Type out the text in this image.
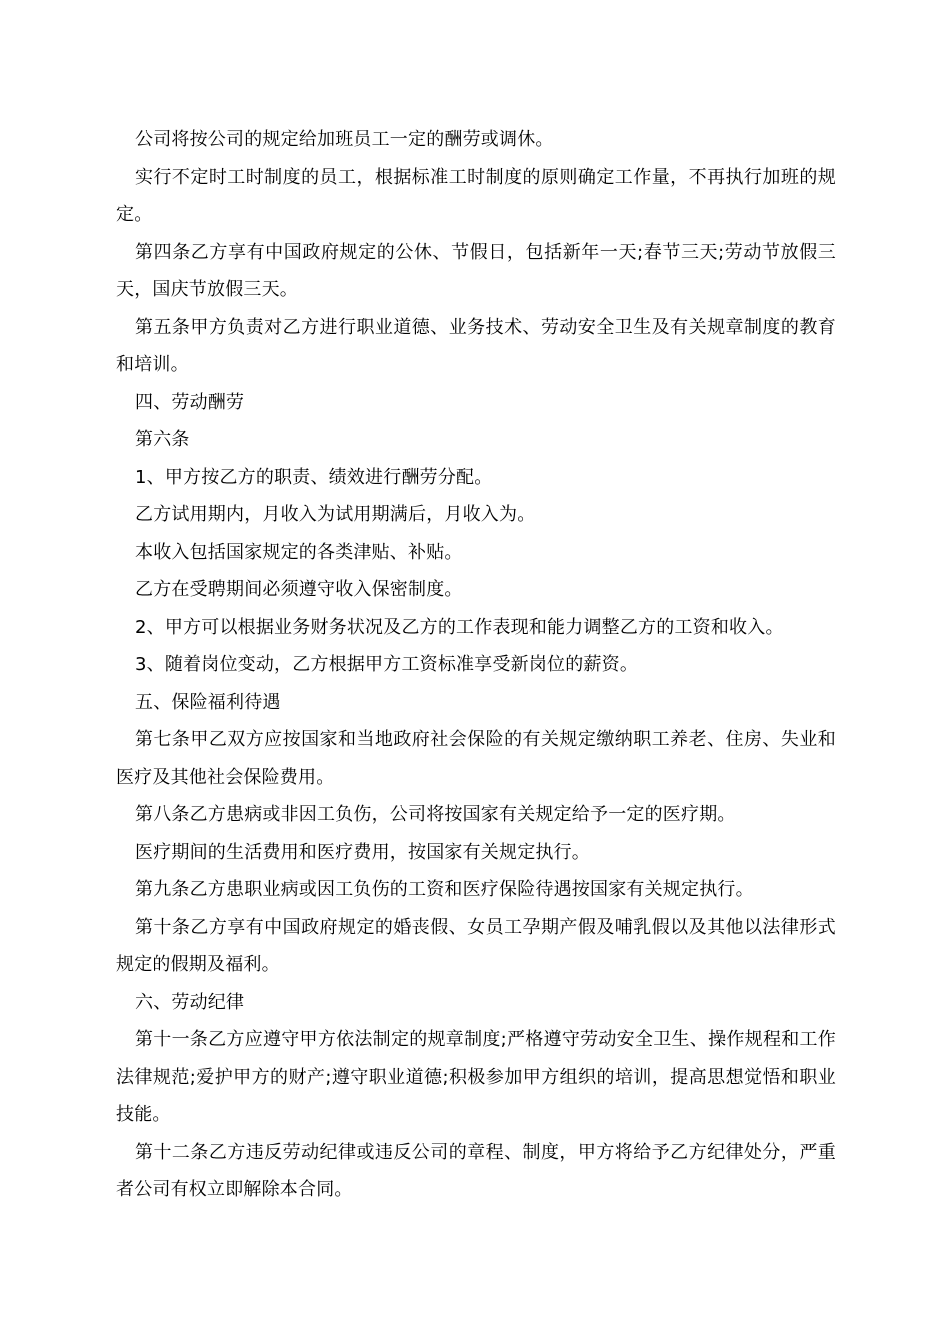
公司将按公司的规定给加班员工一定的酬劳或调休。

实行不定时工时制度的员工，根据标准工时制度的原则确定工作量，不再执行加班的规定。

第四条乙方享有中国政府规定的公休、节假日，包括新年一天;春节三天;劳动节放假三天，国庆节放假三天。

第五条甲方负责对乙方进行职业道德、业务技术、劳动安全卫生及有关规章制度的教育和培训。

四、劳动酬劳

第六条

1、甲方按乙方的职责、绩效进行酬劳分配。

乙方试用期内，月收入为试用期满后，月收入为。

本收入包括国家规定的各类津贴、补贴。

乙方在受聘期间必须遵守收入保密制度。

2、甲方可以根据业务财务状况及乙方的工作表现和能力调整乙方的工资和收入。

3、随着岗位变动，乙方根据甲方工资标准享受新岗位的薪资。

五、保险福利待遇

第七条甲乙双方应按国家和当地政府社会保险的有关规定缴纳职工养老、住房、失业和医疗及其他社会保险费用。

第八条乙方患病或非因工负伤，公司将按国家有关规定给予一定的医疗期。

医疗期间的生活费用和医疗费用，按国家有关规定执行。

第九条乙方患职业病或因工负伤的工资和医疗保险待遇按国家有关规定执行。

第十条乙方享有中国政府规定的婚丧假、女员工孕期产假及哺乳假以及其他以法律形式规定的假期及福利。

六、劳动纪律

第十一条乙方应遵守甲方依法制定的规章制度;严格遵守劳动安全卫生、操作规程和工作法律规范;爱护甲方的财产;遵守职业道德;积极参加甲方组织的培训，提高思想觉悟和职业技能。

第十二条乙方违反劳动纪律或违反公司的章程、制度，甲方将给予乙方纪律处分，严重者公司有权立即解除本合同。
